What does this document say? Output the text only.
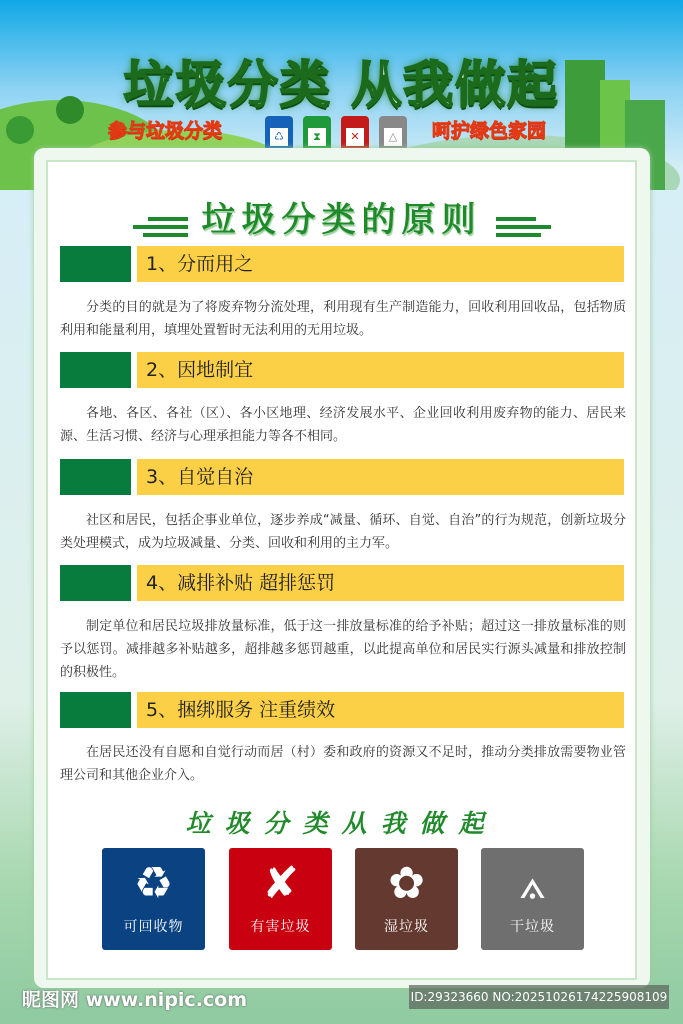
垃圾分类 从我做起
参与垃圾分类	呵护绿色家园
♺	⧗	✕	△
垃圾分类的原则
1、分而用之

分类的目的就是为了将废弃物分流处理，利用现有生产制造能力，回收利用回收品，包括物质利用和能量利用，填埋处置暂时无法利用的无用垃圾。

2、因地制宜

各地、各区、各社（区）、各小区地理、经济发展水平、企业回收利用废弃物的能力、居民来源、生活习惯、经济与心理承担能力等各不相同。

3、自觉自治

社区和居民，包括企事业单位，逐步养成“减量、循环、自觉、自治”的行为规范，创新垃圾分类处理模式，成为垃圾减量、分类、回收和利用的主力军。

4、减排补贴 超排惩罚

制定单位和居民垃圾排放量标准，低于这一排放量标准的给予补贴；超过这一排放量标准的则予以惩罚。减排越多补贴越多，超排越多惩罚越重，以此提高单位和居民实行源头减量和排放控制的积极性。

5、捆绑服务 注重绩效

在居民还没有自愿和自觉行动而居（村）委和政府的资源又不足时，推动分类排放需要物业管理公司和其他企业介入。

垃圾分类从我做起
♻
可回收物
✘
有害垃圾
✿
湿垃圾
⟑
干垃圾
昵图网 www.nipic.com	ID:29323660 NO:20251026174225908109
